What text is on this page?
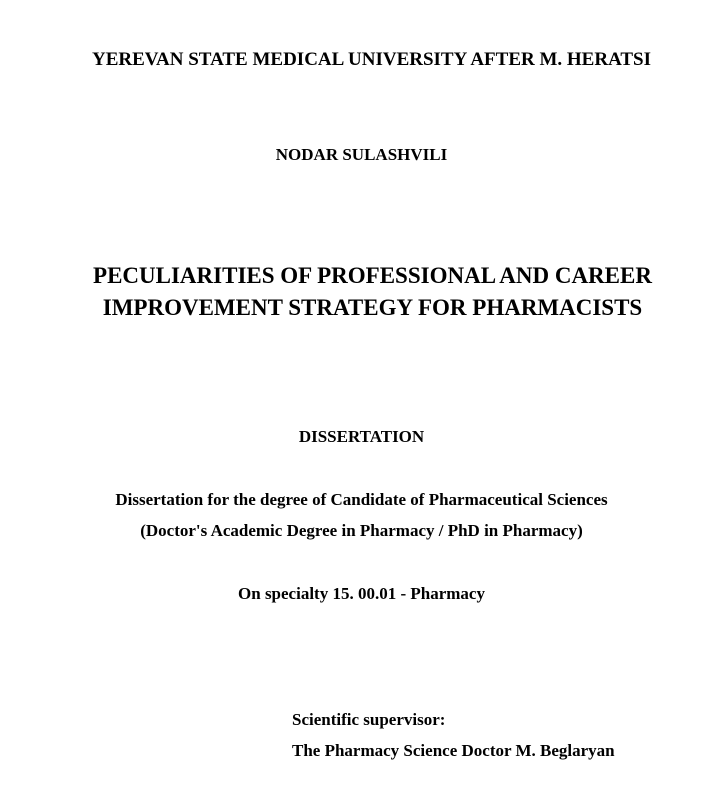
YEREVAN STATE MEDICAL UNIVERSITY AFTER M. HERATSI
NODAR SULASHVILI
PECULIARITIES OF PROFESSIONAL AND CAREER
IMPROVEMENT STRATEGY FOR PHARMACISTS
DISSERTATION
Dissertation for the degree of Candidate of Pharmaceutical Sciences
(Doctor's Academic Degree in Pharmacy / PhD in Pharmacy)
On specialty 15. 00.01 - Pharmacy
Scientific supervisor:
The Pharmacy Science Doctor M. Beglaryan
